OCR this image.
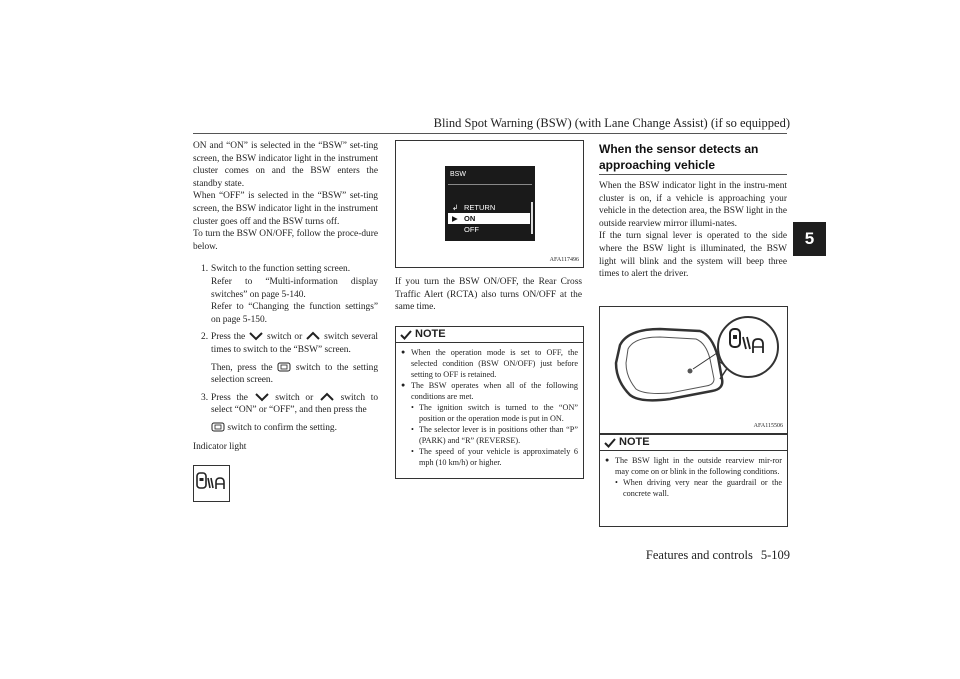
Blind Spot Warning (BSW) (with Lane Change Assist) (if so equipped)
Features and controls 5-109
5

ON and “ON” is selected in the “BSW” set-ting screen, the BSW indicator light in the instrument cluster comes on and the BSW enters the standby state.

When “OFF” is selected in the “BSW” set-ting screen, the BSW indicator light in the instrument cluster goes off and the BSW turns off.

To turn the BSW ON/OFF, follow the proce-dure below.

1. Switch to the function setting screen.

Refer to “Multi-information display switches” on page 5-140.

Refer to “Changing the function settings” on page 5-150.

2. Press the switch or switch several times to switch to the “BSW” screen.

Then, press the switch to the setting selection screen.

3. Press the	switch or	switch to select “ON” or “OFF”, and then press the

switch to confirm the setting.

Indicator light

BSW
↲ RETURN
▶ ON
OFF
AFA117496

If you turn the BSW ON/OFF, the Rear Cross Traffic Alert (RCTA) also turns ON/OFF at the same time.

NOTE
● When the operation mode is set to OFF, the selected condition (BSW ON/OFF) just before setting to OFF is retained.
● The BSW operates when all of the following conditions are met.
• The ignition switch is turned to the “ON” position or the operation mode is put in ON.
• The selector lever is in positions other than “P” (PARK) and “R” (REVERSE).
• The speed of your vehicle is approximately 6 mph (10 km/h) or higher.
When the sensor detects an approaching vehicle

When the BSW indicator light in the instru-ment cluster is on, if a vehicle is approaching your vehicle in the detection area, the BSW light in the outside rearview mirror illumi-nates.

If the turn signal lever is operated to the side where the BSW light is illuminated, the BSW light will blink and the system will beep three times to alert the driver.

AFA115506
NOTE
● The BSW light in the outside rearview mir-ror may come on or blink in the following conditions.
• When driving very near the guardrail or the concrete wall.
